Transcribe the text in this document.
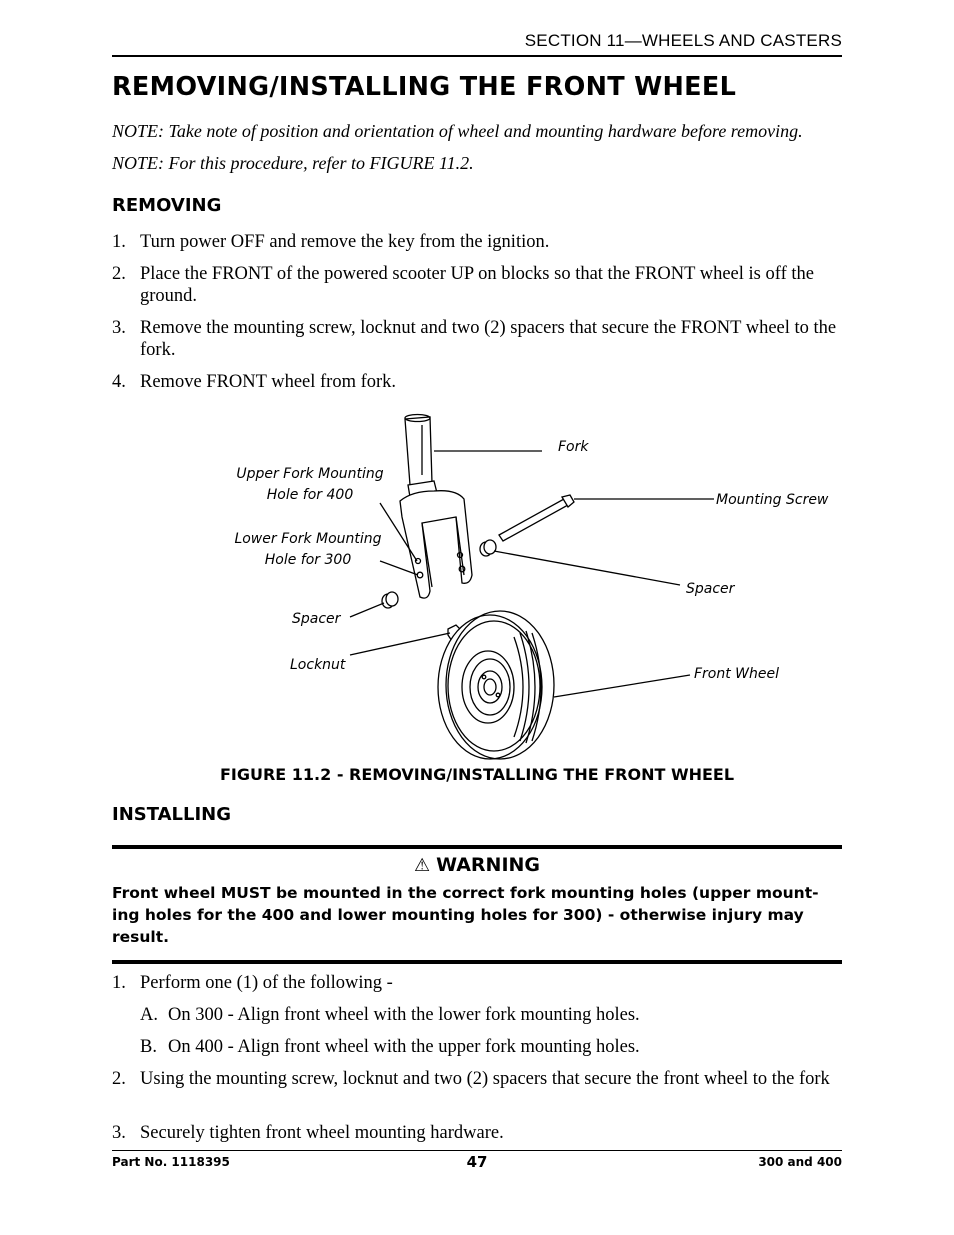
SECTION 11—WHEELS AND CASTERS
REMOVING/INSTALLING THE FRONT WHEEL
NOTE: Take note of position and orientation of wheel and mounting hardware before removing.
NOTE: For this procedure, refer to FIGURE 11.2.
REMOVING
1. Turn power OFF and remove the key from the ignition.
2. Place the FRONT of the powered scooter UP on blocks so that the FRONT wheel is off the ground.
3. Remove the mounting screw, locknut and two (2) spacers that secure the FRONT wheel to the fork.
4. Remove FRONT wheel from fork.
Fork
Upper Fork Mounting
Hole for 400
Lower Fork Mounting
Hole for 300
Mounting Screw
Spacer
Spacer
Locknut
Front Wheel
FIGURE 11.2 - REMOVING/INSTALLING THE FRONT WHEEL
INSTALLING
⚠ WARNING
Front wheel MUST be mounted in the correct fork mounting holes (upper mount-ing holes for the 400 and lower mounting holes for 300) - otherwise injury may result.
1. Perform one (1) of the following -
A. On 300 - Align front wheel with the lower fork mounting holes.
B. On 400 - Align front wheel with the upper fork mounting holes.
2. Using the mounting screw, locknut and two (2) spacers that secure the front wheel to the fork
3. Securely tighten front wheel mounting hardware.
Part No. 1118395	47	300 and 400
